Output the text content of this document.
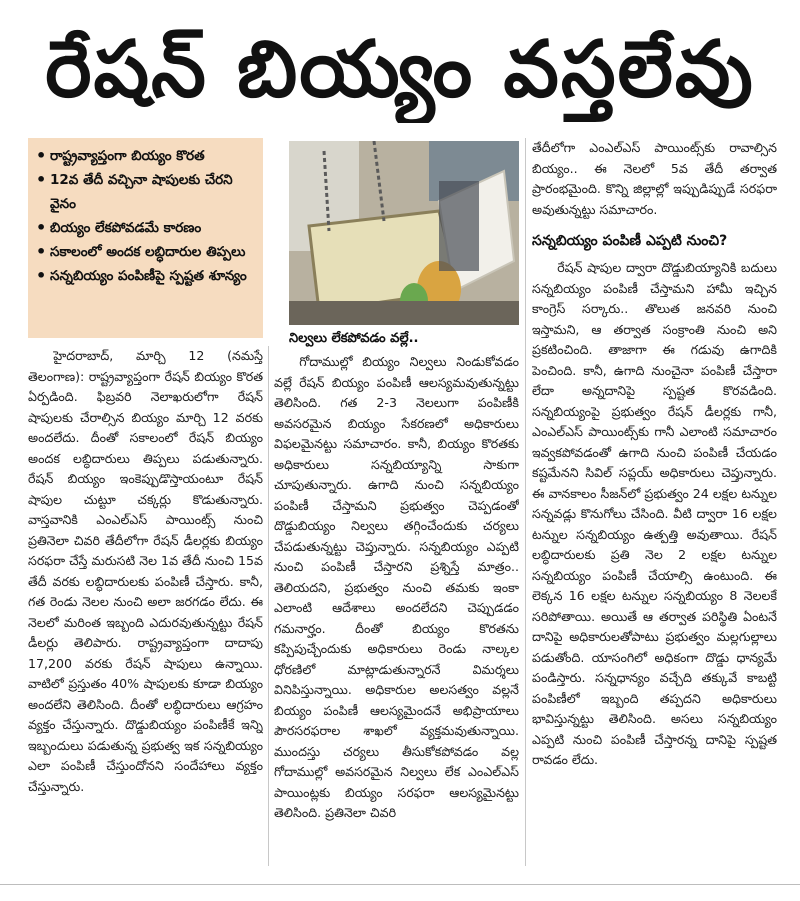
రేషన్ బియ్యం వస్తలేవు
• రాష్ట్రవ్యాప్తంగా బియ్యం కొరత
• 12వ తేదీ వచ్చినా షాపులకు చేరని వైనం
• బియ్యం లేకపోవడమే కారణం
• సకాలంలో అందక లబ్ధిదారుల తిప్పలు
• సన్నబియ్యం పంపిణీపై స్పష్టత శూన్యం
నిల్వలు లేకపోవడం వల్లే..

హైదరాబాద్, మార్చి 12 (నమస్తే తెలంగాణ): రాష్ట్రవ్యాప్తంగా రేషన్ బియ్యం కొరత ఏర్పడింది. ఫిబ్రవరి నెలాఖరులోగా రేషన్ షాపులకు చేరాల్సిన బియ్యం మార్చి 12 వరకు అందలేదు. దీంతో సకాలంలో రేషన్ బియ్యం అందక లబ్ధిదారులు తిప్పలు పడుతున్నారు. రేషన్ బియ్యం ఇంకెప్పుడొస్తాయంటూ రేషన్ షాపుల చుట్టూ చక్కర్లు కొడుతున్నారు. వాస్తవానికి ఎంఎల్ఎస్ పాయింట్స్ నుంచి ప్రతినెలా చివరి తేదీలోగా రేషన్ డీలర్లకు బియ్యం సరఫరా చేస్తే మరుసటి నెల 1వ తేదీ నుంచి 15వ తేదీ వరకు లబ్ధిదారులకు పంపిణీ చేస్తారు. కానీ, గత రెండు నెలల నుంచి అలా జరగడం లేదు. ఈ నెలలో మరింత ఇబ్బంది ఎదురవుతున్నట్టు రేషన్ డీలర్లు తెలిపారు. రాష్ట్రవ్యాప్తంగా దాదాపు 17,200 వరకు రేషన్ షాపులు ఉన్నాయి. వాటిలో ప్రస్తుతం 40% షాపులకు కూడా బియ్యం అందలేని తెలిసింది. దీంతో లబ్ధిదారులు ఆగ్రహం వ్యక్తం చేస్తున్నారు. దొడ్డుబియ్యం పంపిణీకే ఇన్ని ఇబ్బందులు పడుతున్న ప్రభుత్వ ఇక సన్నబియ్యం ఎలా పంపిణీ చేస్తుందోనని సందేహాలు వ్యక్తం చేస్తున్నారు.

గోదాముల్లో బియ్యం నిల్వలు నిండుకోవడం వల్లే రేషన్ బియ్యం పంపిణీ ఆలస్యమవుతున్నట్టు తెలిసింది. గత 2-3 నెలలుగా పంపిణీకి అవసరమైన బియ్యం సేకరణలో అధికారులు విఫలమైనట్టు సమాచారం. కానీ, బియ్యం కొరతకు అధికారులు సన్నబియ్యాన్ని సాకుగా చూపుతున్నారు. ఉగాది నుంచి సన్నబియ్యం పంపిణీ చేస్తామని ప్రభుత్వం చెప్పడంతో దొడ్డుబియ్యం నిల్వలు తగ్గించేందుకు చర్యలు చేపడుతున్నట్టు చెప్తున్నారు. సన్నబియ్యం ఎప్పటి నుంచి పంపిణీ చేస్తారని ప్రశ్నిస్తే మాత్రం.. తెలియదని, ప్రభుత్వం నుంచి తమకు ఇంకా ఎలాంటి ఆదేశాలు అందలేదని చెప్పుడడం గమనార్హం. దీంతో బియ్యం కొరతను కప్పిపుచ్చేందుకు అధికారులు రెండు నాల్కల ధోరణిలో మాట్లాడుతున్నారనే విమర్శలు వినిపిస్తున్నాయి. అధికారుల అలసత్వం వల్లనే బియ్యం పంపిణీ ఆలస్యమైందనే అభిప్రాయాలు పౌరసరఫరాల శాఖలో వ్యక్తమవుతున్నాయి. ముందస్తు చర్యలు తీసుకోకపోవడం వల్ల గోదాముల్లో అవసరమైన నిల్వలు లేక ఎంఎల్ఎస్ పాయింట్లకు బియ్యం సరఫరా ఆలస్యమైనట్టు తెలిసింది. ప్రతినెలా చివరి

తేదీలోగా ఎంఎల్ఎస్ పాయింట్స్‌కు రావాల్సిన బియ్యం.. ఈ నెలలో 5వ తేదీ తర్వాత ప్రారంభమైంది. కొన్ని జిల్లాల్లో ఇప్పుడిప్పుడే సరఫరా అవుతున్నట్టు సమాచారం.

సన్నబియ్యం పంపిణీ ఎప్పటి నుంచి?

రేషన్ షాపుల ద్వారా దొడ్డుబియ్యానికి బదులు సన్నబియ్యం పంపిణీ చేస్తామని హామీ ఇచ్చిన కాంగ్రెస్ సర్కారు.. తొలుత జనవరి నుంచి ఇస్తామని, ఆ తర్వాత సంక్రాంతి నుంచి అని ప్రకటించింది. తాజాగా ఈ గడువు ఉగాదికి పెంచింది. కానీ, ఉగాది నుంచైనా పంపిణీ చేస్తారా లేదా అన్నదానిపై స్పష్టత కొరవడింది. సన్నబియ్యంపై ప్రభుత్వం రేషన్ డీలర్లకు గానీ, ఎంఎల్ఎస్ పాయింట్స్‌కు గానీ ఎలాంటి సమాచారం ఇవ్వకపోవడంతో ఉగాది నుంచి పంపిణీ చేయడం కష్టమేనని సివిల్ సప్లయ్ అధికారులు చెప్తున్నారు. ఈ వానకాలం సీజన్‌లో ప్రభుత్వం 24 లక్షల టన్నుల సన్నవడ్లు కొనుగోలు చేసింది. వీటి ద్వారా 16 లక్షల టన్నుల సన్నబియ్యం ఉత్పత్తి అవుతాయి. రేషన్ లబ్ధిదారులకు ప్రతి నెల 2 లక్షల టన్నుల సన్నబియ్యం పంపిణీ చేయాల్సి ఉంటుంది. ఈ లెక్కన 16 లక్షల టన్నుల సన్నబియ్యం 8 నెలలకే సరిపోతాయి. అయితే ఆ తర్వాత పరిస్థితి ఏంటనే దానిపై అధికారులతోపాటు ప్రభుత్వం మల్లగుల్లాలు పడుతోంది. యాసంగిలో అధికంగా దొడ్డు ధాన్యమే పండిస్తారు. సన్నధాన్యం వచ్చేది తక్కువే కాబట్టి పంపిణీలో ఇబ్బంది తప్పదని అధికారులు భావిస్తున్నట్టు తెలిసింది. అసలు సన్నబియ్యం ఎప్పటి నుంచి పంపిణీ చేస్తారన్న దానిపై స్పష్టత రావడం లేదు.
